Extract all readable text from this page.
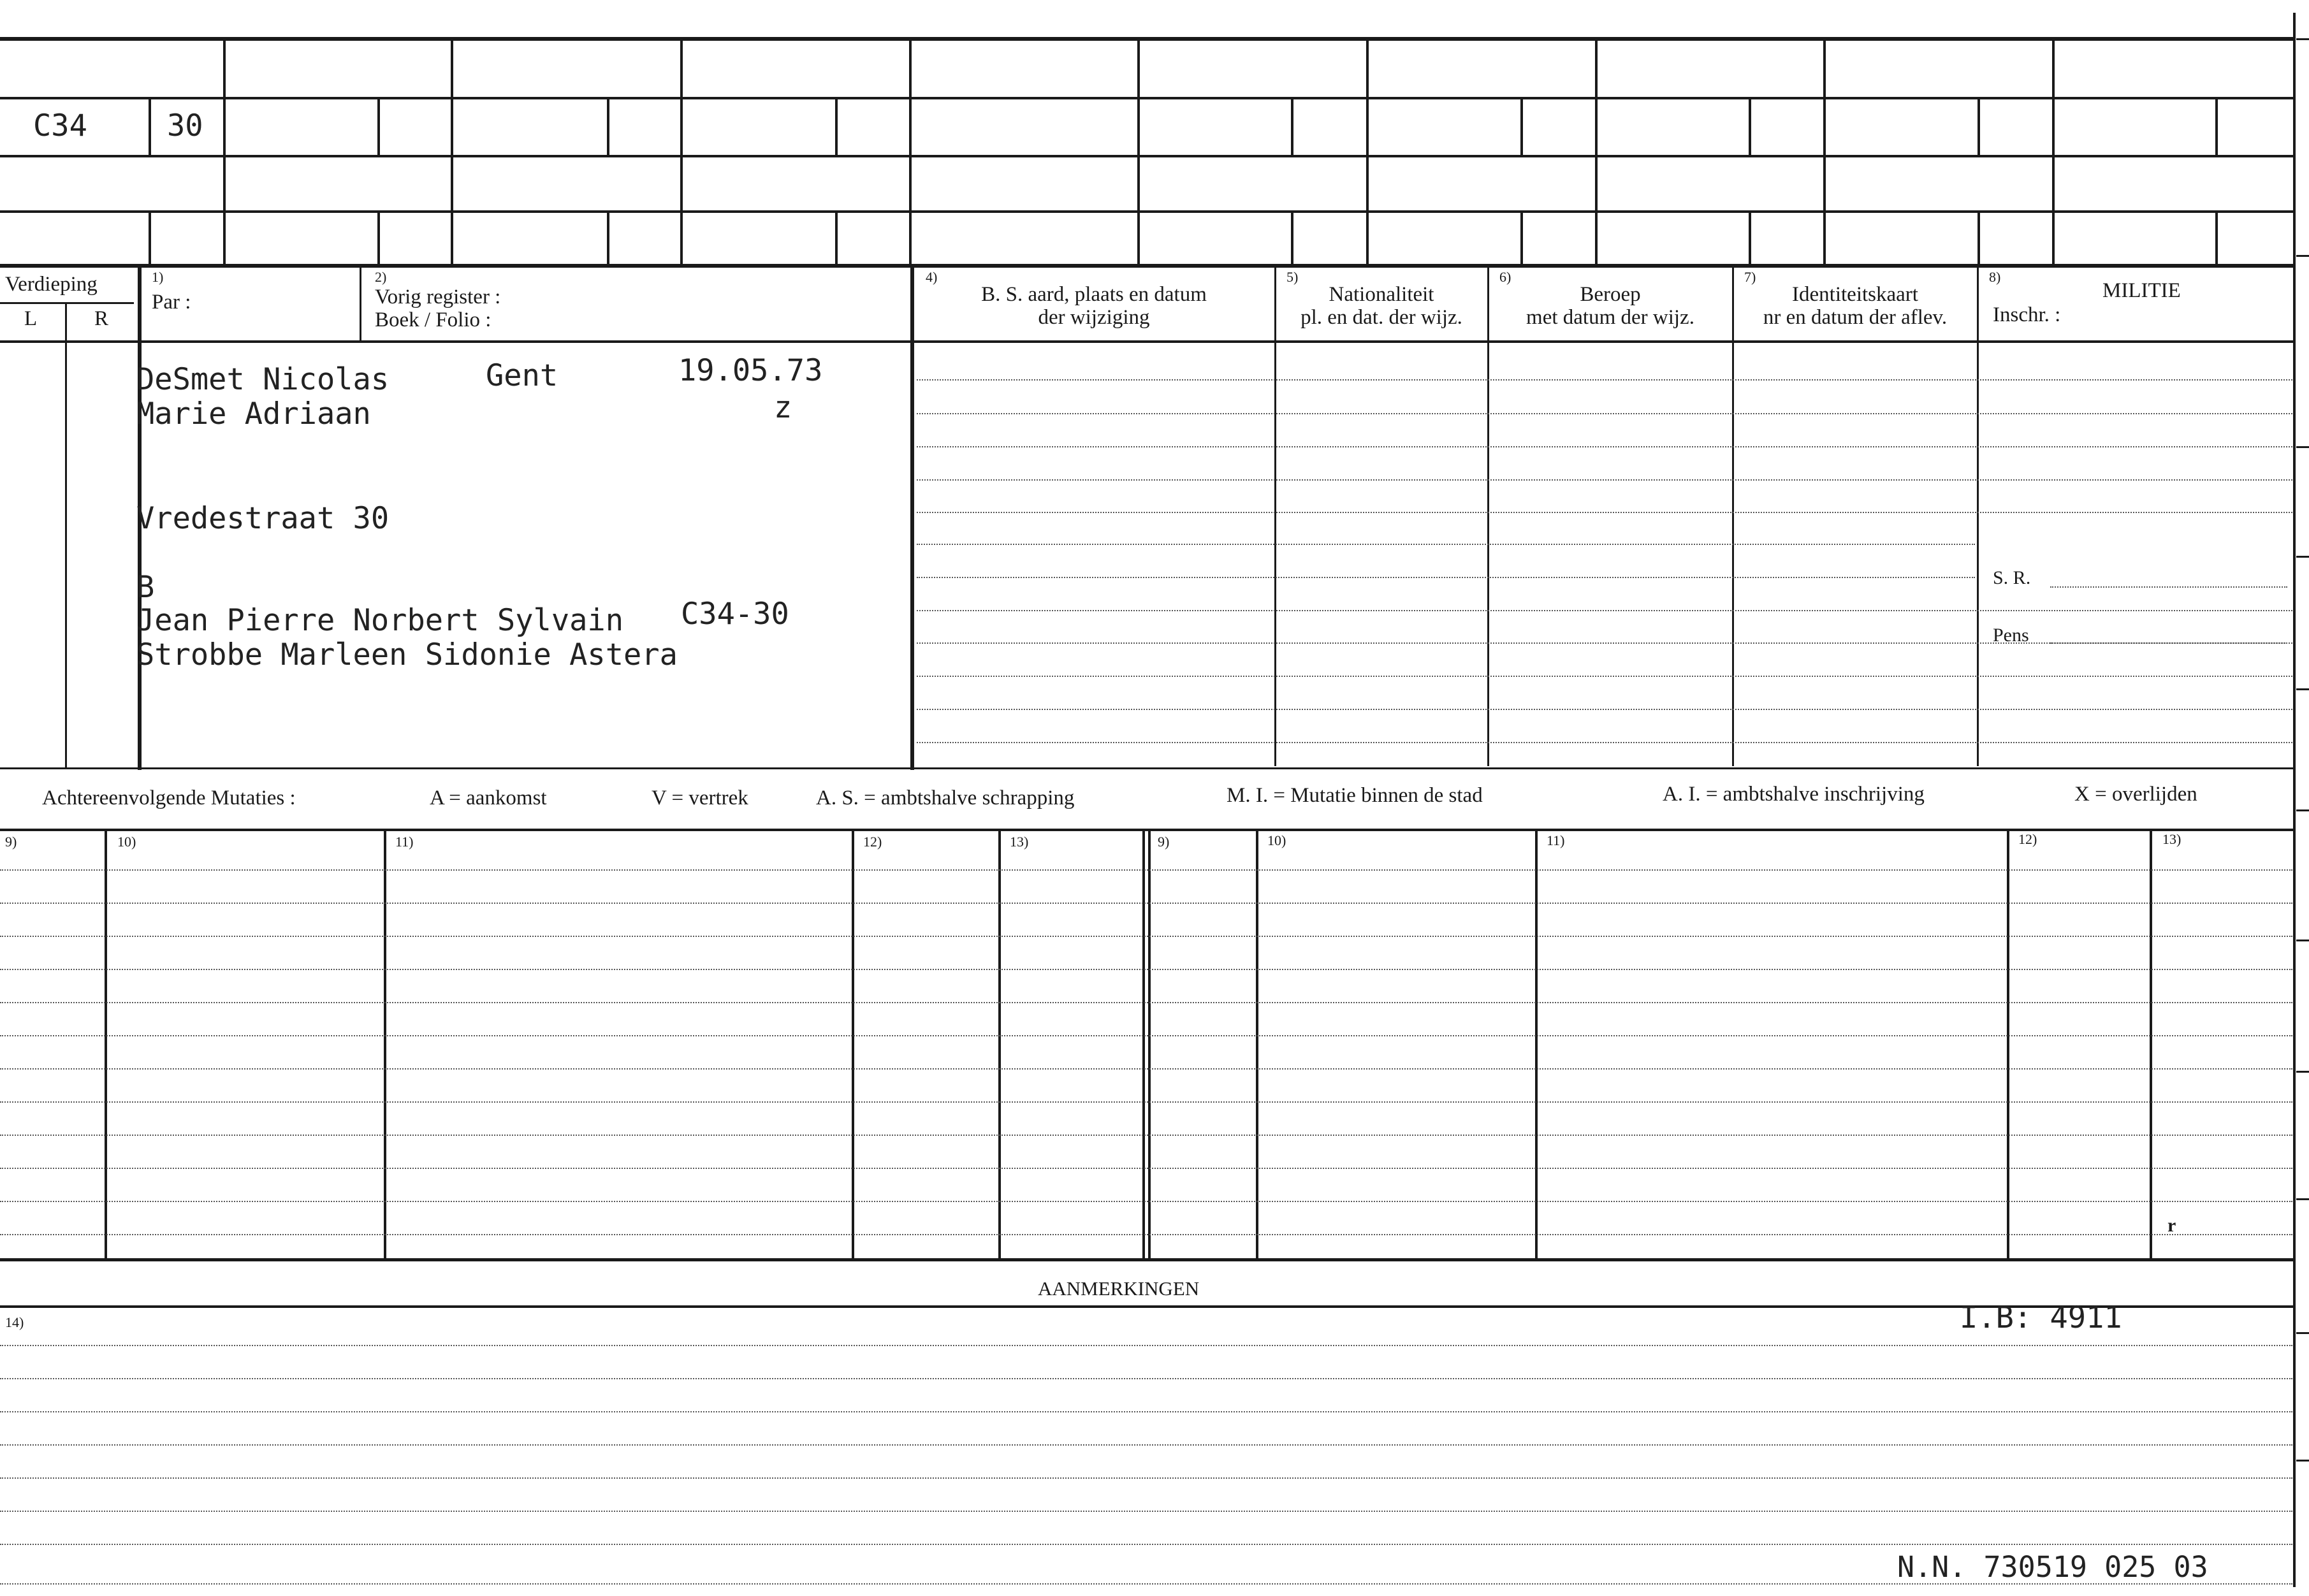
C34	30
Verdieping
L	R
1)
Par :
2)
Vorig register :
Boek / Folio :
4)
B. S. aard, plaats en datum
der wijziging
5)
Nationaliteit
pl. en dat. der wijz.
6)
Beroep
met datum der wijz.
7)
Identiteitskaart
nr en datum der aflev.
8)
MILITIE
Inschr. :
S. R.
Pens
DeSmet Nicolas
Marie Adriaan
Gent	19.05.73
z
Vredestraat 30
B
Jean Pierre Norbert Sylvain
Strobbe Marleen Sidonie Astera
C34-30
Achtereenvolgende Mutaties :	A = aankomst	V = vertrek	A. S. = ambtshalve schrapping	M. I. = Mutatie binnen de stad	A. I. = ambtshalve inschrijving	X = overlijden
9)	10)	11)	12)	13)	9)	10)	11)	12)	13)
r
AANMERKINGEN
14)	I.B: 4911
N.N. 730519 025 03
